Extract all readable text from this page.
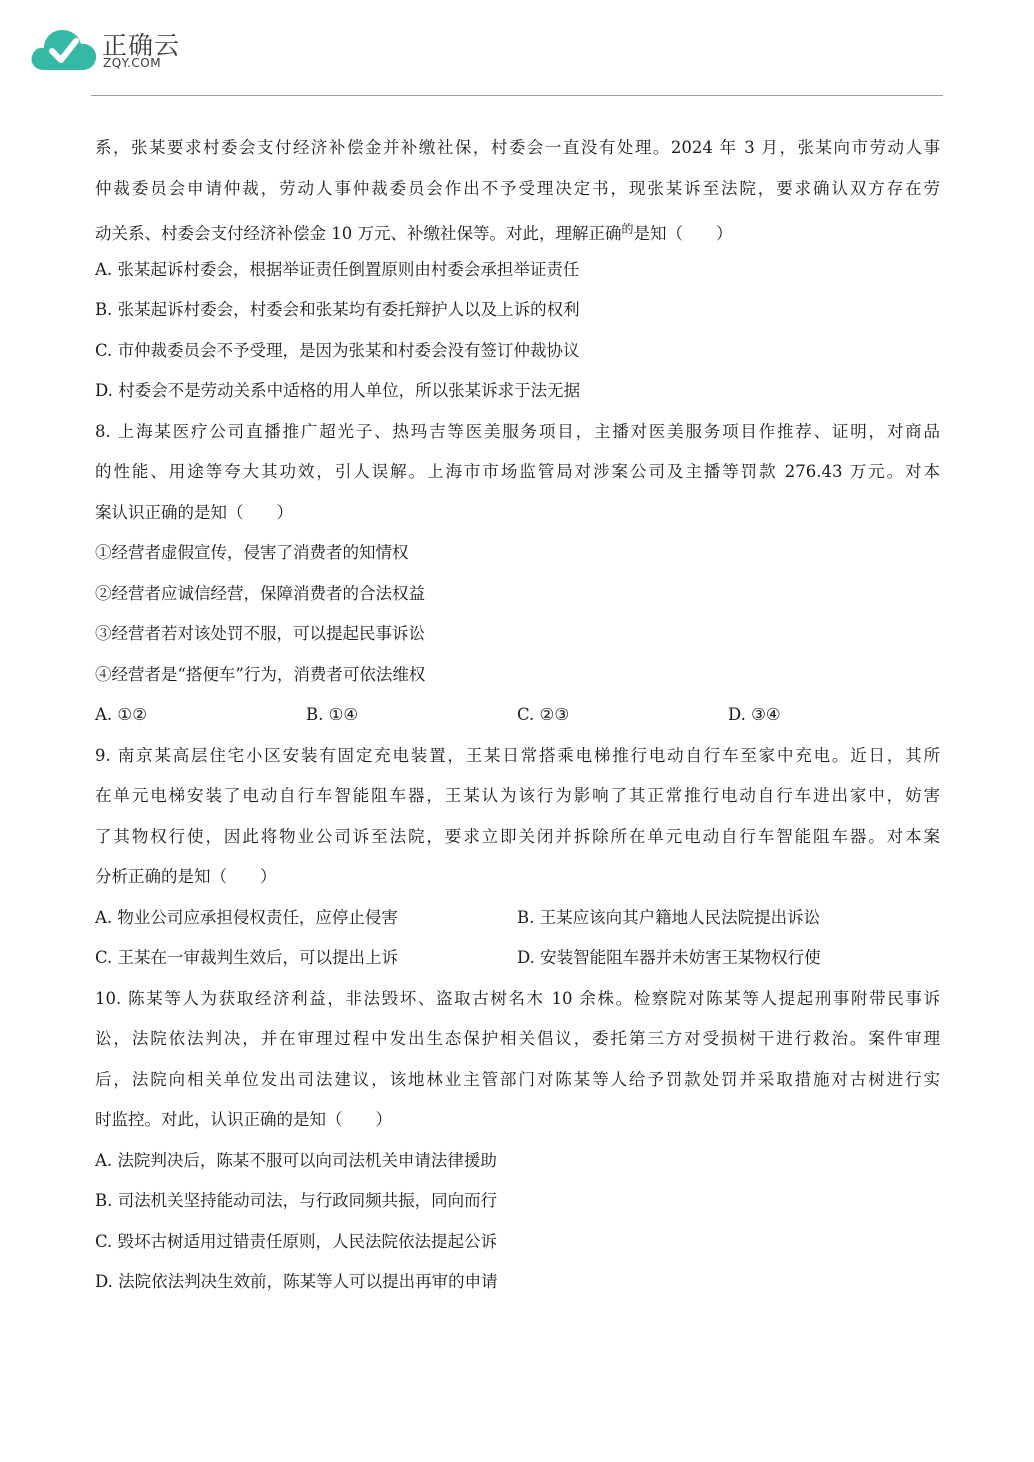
正确云
ZQY.COM
系，张某要求村委会支付经济补偿金并补缴社保，村委会一直没有处理。2024 年 3 月，张某向市劳动人事
仲裁委员会申请仲裁，劳动人事仲裁委员会作出不予受理决定书，现张某诉至法院，要求确认双方存在劳
动关系、村委会支付经济补偿金 10 万元、补缴社保等。对此，理解正确$^的$是知（　　）
A. 张某起诉村委会，根据举证责任倒置原则由村委会承担举证责任
B. 张某起诉村委会，村委会和张某均有委托辩护人以及上诉的权利
C. 市仲裁委员会不予受理，是因为张某和村委会没有签订仲裁协议
D. 村委会不是劳动关系中适格的用人单位，所以张某诉求于法无据
8. 上海某医疗公司直播推广超光子、热玛吉等医美服务项目，主播对医美服务项目作推荐、证明，对商品
的性能、用途等夸大其功效，引人误解。上海市市场监管局对涉案公司及主播等罚款 276.43 万元。对本
案认识正确的是知（　　）
①经营者虚假宣传，侵害了消费者的知情权
②经营者应诚信经营，保障消费者的合法权益
③经营者若对该处罚不服，可以提起民事诉讼
④经营者是“搭便车”行为，消费者可依法维权
A. ①②	B. ①④	C. ②③	D. ③④
9. 南京某高层住宅小区安装有固定充电装置，王某日常搭乘电梯推行电动自行车至家中充电。近日，其所
在单元电梯安装了电动自行车智能阻车器，王某认为该行为影响了其正常推行电动自行车进出家中，妨害
了其物权行使，因此将物业公司诉至法院，要求立即关闭并拆除所在单元电动自行车智能阻车器。对本案
分析正确的是知（　　）
A. 物业公司应承担侵权责任，应停止侵害	B. 王某应该向其户籍地人民法院提出诉讼
C. 王某在一审裁判生效后，可以提出上诉	D. 安装智能阻车器并未妨害王某物权行使
10. 陈某等人为获取经济利益，非法毁坏、盗取古树名木 10 余株。检察院对陈某等人提起刑事附带民事诉
讼，法院依法判决，并在审理过程中发出生态保护相关倡议，委托第三方对受损树干进行救治。案件审理
后，法院向相关单位发出司法建议，该地林业主管部门对陈某等人给予罚款处罚并采取措施对古树进行实
时监控。对此，认识正确的是知（　　）
A. 法院判决后，陈某不服可以向司法机关申请法律援助
B. 司法机关坚持能动司法，与行政同频共振，同向而行
C. 毁坏古树适用过错责任原则，人民法院依法提起公诉
D. 法院依法判决生效前，陈某等人可以提出再审的申请
